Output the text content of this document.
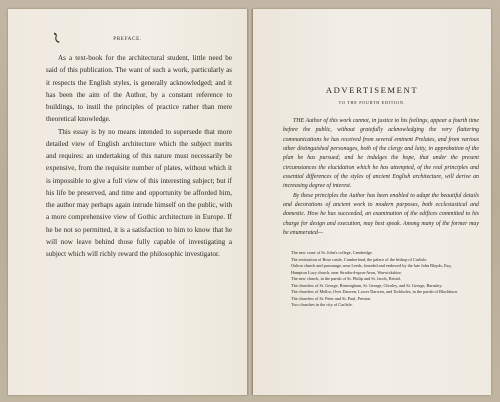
PREFACE.

As a text-book for the architectural student, little need be said of this publication. The want of such a work, particularly as it respects the English styles, is generally acknowledged; and it has been the aim of the Author, by a constant reference to buildings, to instil the principles of practice rather than mere theoretical knowledge.

This essay is by no means intended to supersede that more detailed view of English architecture which the subject merits and requires: an undertaking of this nature must necessarily be expensive, from the requisite number of plates, without which it is impossible to give a full view of this interesting subject; but if his life be preserved, and time and opportunity be afforded him, the author may perhaps again intrude himself on the public, with a more comprehensive view of Gothic architecture in Europe. If he be not so permitted, it is a satisfaction to him to know that he will now leave behind those fully capable of investigating a subject which will richly reward the philosophic investigator.

ADVERTISEMENT
TO THE FOURTH EDITION.

THE Author of this work cannot, in justice to his feelings, appear a fourth time before the public, without gratefully acknowledging the very flattering communications he has received from several eminent Prelates, and from various other distinguished personages, both of the clergy and laity, in approbation of the plan he has pursued; and he indulges the hope, that under the present circumstances the elucidation which he has attempted, of the real principles and essential differences of the styles of ancient English architecture, will derive an increasing degree of interest.

By these principles the Author has been enabled to adapt the beautiful details and decorations of ancient work to modern purposes, both ecclesiastical and domestic. How he has succeeded, an examination of the edifices committed to his charge for design and execution, may best speak. Among many of the former may be enumerated—

The new court of St. John's college, Cambridge.
The restoration of Rose castle, Cumberland, the palace of the bishop of Carlisle.
Oulton church and parsonage, near Leeds, founded and endowed by the late John Blayds, Esq.
Hampton Lucy church, near Stratford-upon-Avon, Warwickshire.
The new church, in the parish of St. Philip and St. Jacob, Bristol.
The churches of St. George, Birmingham, St. George, Chorley, and St. George, Barnsley.
The churches of Mellor, Over Darwen, Lower Darwen, and Tockholes, in the parish of Blackburn.
The churches of St. Peter and St. Paul, Preston.
Two churches in the city of Carlisle.
